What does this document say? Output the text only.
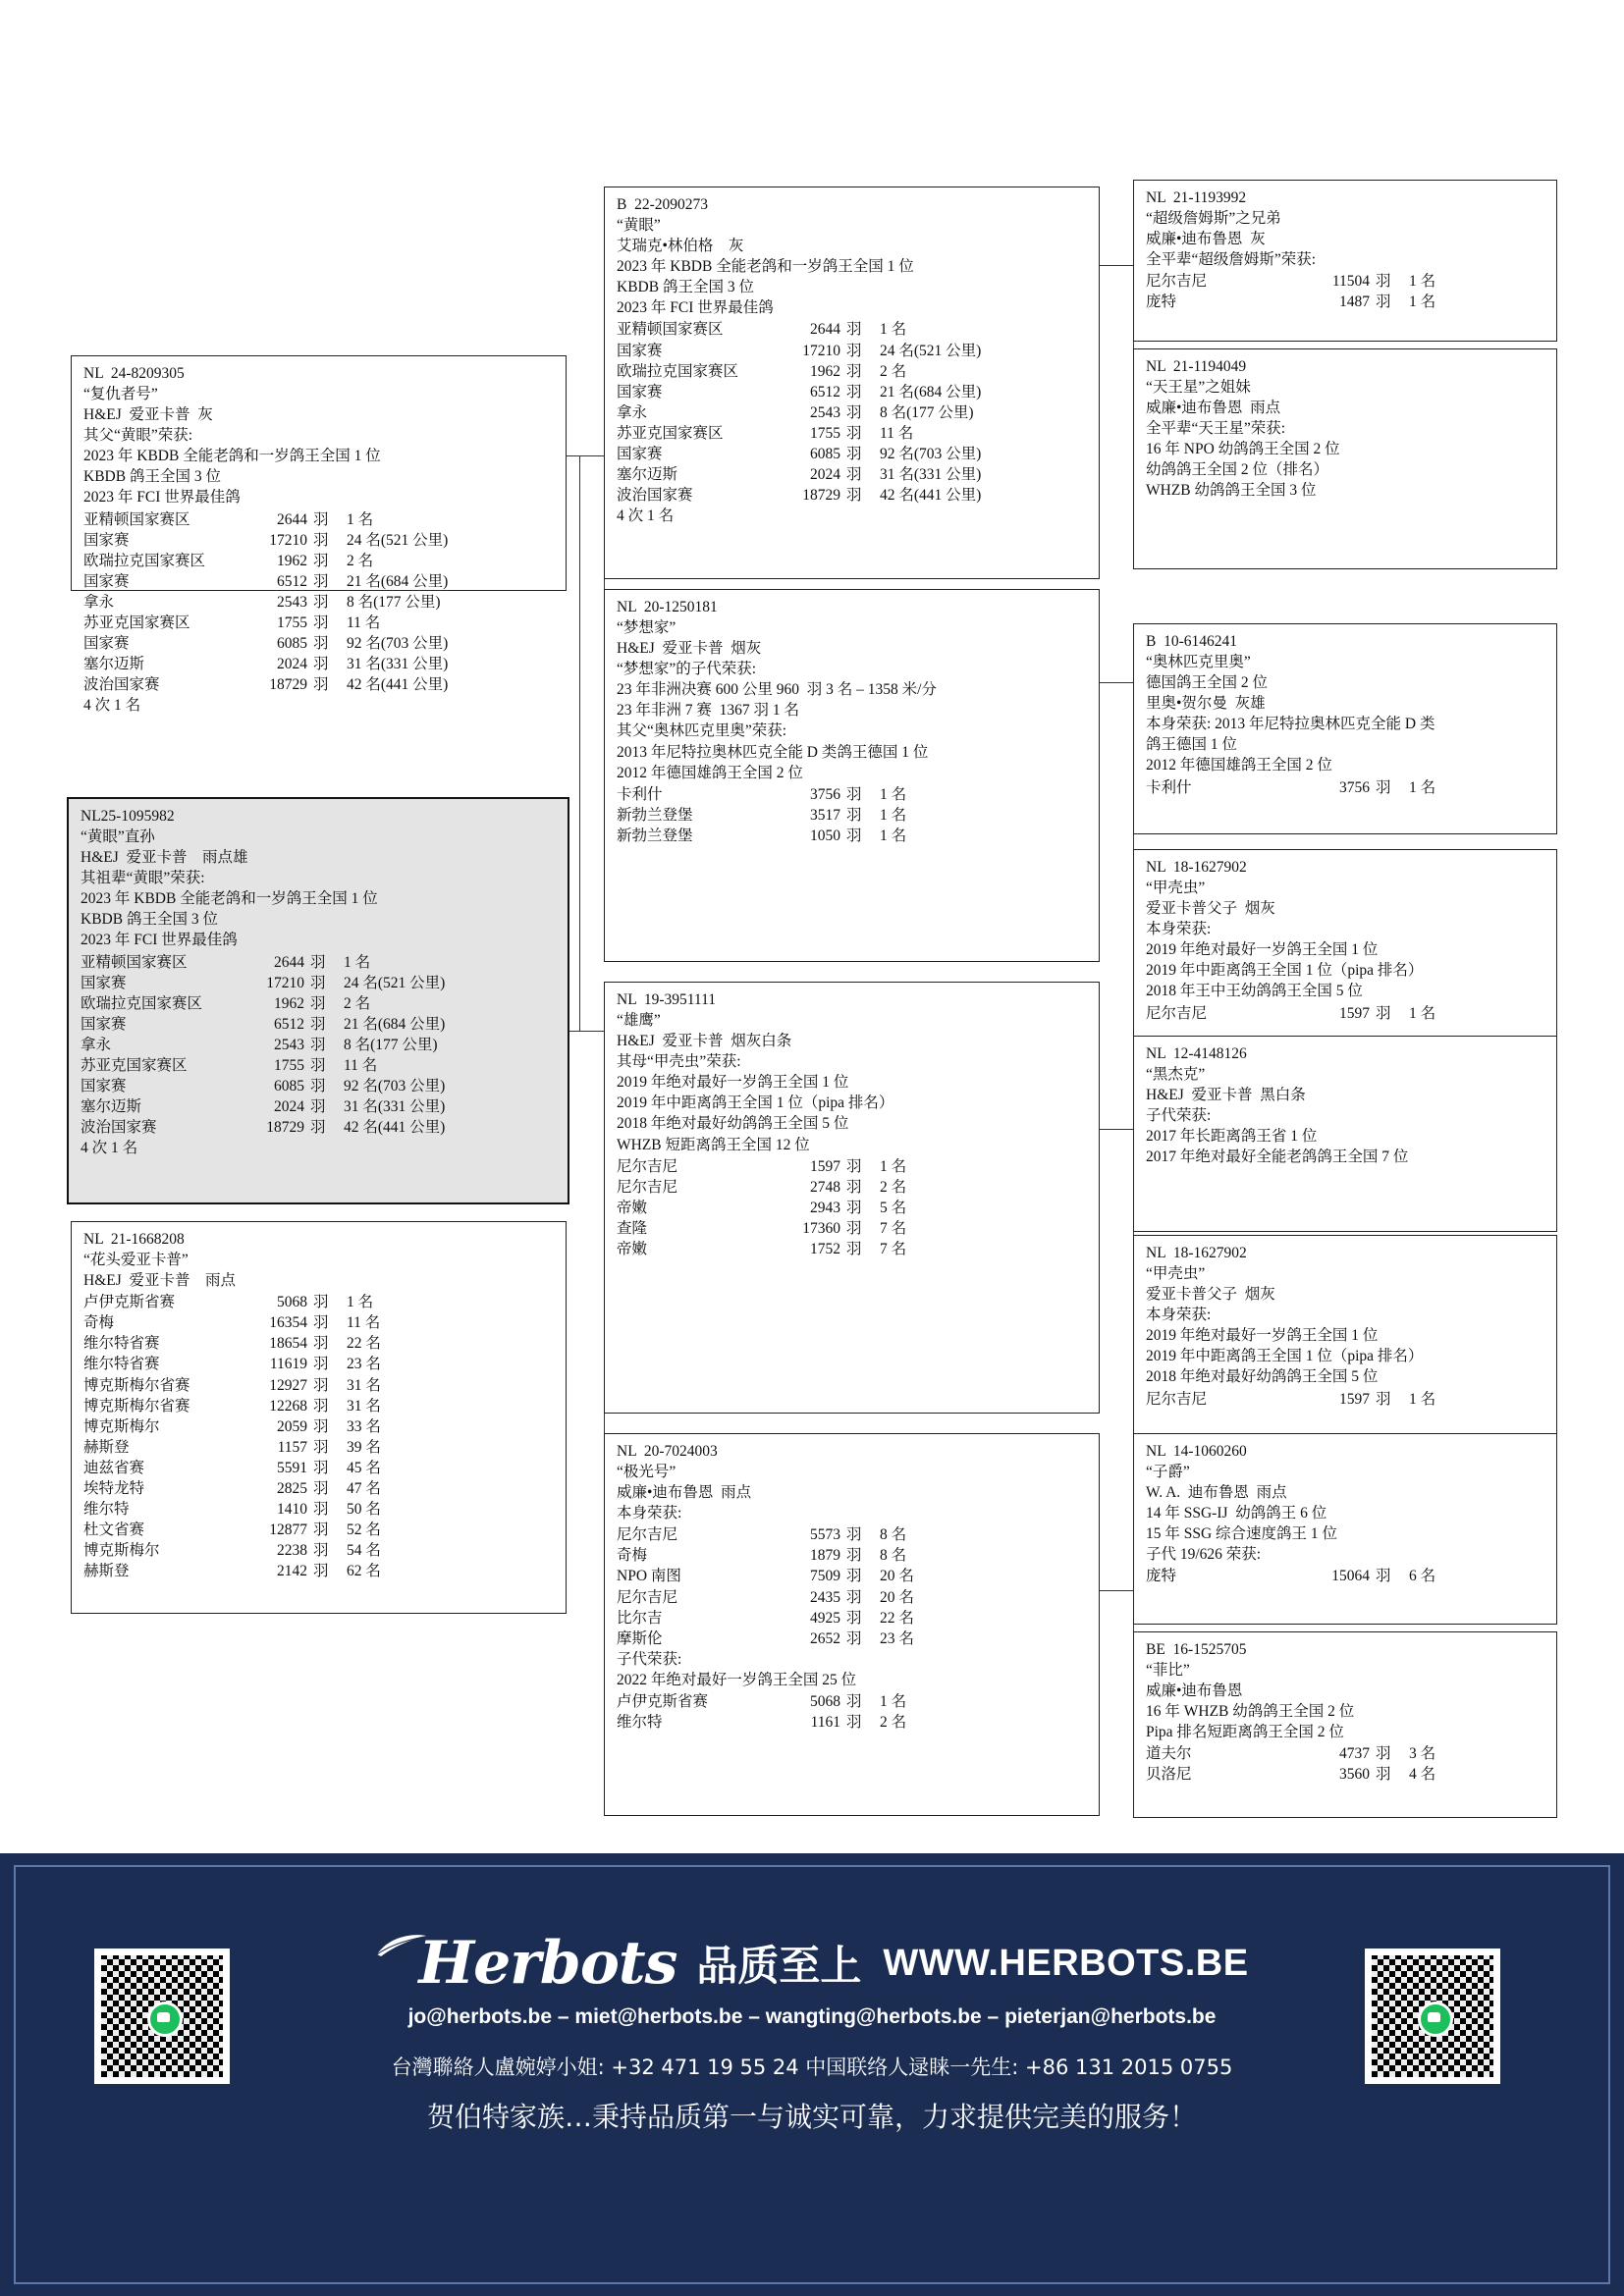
NL  24-8209305
“复仇者号”
H&EJ  爱亚卡普  灰
其父“黄眼”荣获:
2023 年 KBDB 全能老鸽和一岁鸽王全国 1 位
KBDB 鸽王全国 3 位
2023 年 FCI 世界最佳鸽
亚精顿国家赛区	2644 羽	1 名
国家赛	17210 羽	24 名(521 公里)
欧瑞拉克国家赛区	1962 羽	2 名
国家赛	6512 羽	21 名(684 公里)
拿永	2543 羽	8 名(177 公里)
苏亚克国家赛区	1755 羽	11 名
国家赛	6085 羽	92 名(703 公里)
塞尔迈斯	2024 羽	31 名(331 公里)
波治国家赛	18729 羽	42 名(441 公里)
4 次 1 名
NL25-1095982
“黄眼”直孙
H&EJ  爱亚卡普    雨点雄
其祖辈“黄眼”荣获:
2023 年 KBDB 全能老鸽和一岁鸽王全国 1 位
KBDB 鸽王全国 3 位
2023 年 FCI 世界最佳鸽
亚精顿国家赛区	2644 羽	1 名
国家赛	17210 羽	24 名(521 公里)
欧瑞拉克国家赛区	1962 羽	2 名
国家赛	6512 羽	21 名(684 公里)
拿永	2543 羽	8 名(177 公里)
苏亚克国家赛区	1755 羽	11 名
国家赛	6085 羽	92 名(703 公里)
塞尔迈斯	2024 羽	31 名(331 公里)
波治国家赛	18729 羽	42 名(441 公里)
4 次 1 名
NL  21-1668208
“花头爱亚卡普”
H&EJ  爱亚卡普    雨点
卢伊克斯省赛	5068 羽	1 名
奇梅	16354 羽	11 名
维尔特省赛	18654 羽	22 名
维尔特省赛	11619 羽	23 名
博克斯梅尔省赛	12927 羽	31 名
博克斯梅尔省赛	12268 羽	31 名
博克斯梅尔	2059 羽	33 名
赫斯登	1157 羽	39 名
迪兹省赛	5591 羽	45 名
埃特龙特	2825 羽	47 名
维尔特	1410 羽	50 名
杜文省赛	12877 羽	52 名
博克斯梅尔	2238 羽	54 名
赫斯登	2142 羽	62 名
B  22-2090273
“黄眼”
艾瑞克•林伯格    灰
2023 年 KBDB 全能老鸽和一岁鸽王全国 1 位
KBDB 鸽王全国 3 位
2023 年 FCI 世界最佳鸽
亚精顿国家赛区	2644 羽	1 名
国家赛	17210 羽	24 名(521 公里)
欧瑞拉克国家赛区	1962 羽	2 名
国家赛	6512 羽	21 名(684 公里)
拿永	2543 羽	8 名(177 公里)
苏亚克国家赛区	1755 羽	11 名
国家赛	6085 羽	92 名(703 公里)
塞尔迈斯	2024 羽	31 名(331 公里)
波治国家赛	18729 羽	42 名(441 公里)
4 次 1 名
NL  20-1250181
“梦想家”
H&EJ  爱亚卡普  烟灰
“梦想家”的子代荣获:
23 年非洲决赛 600 公里 960  羽 3 名 – 1358 米/分
23 年非洲 7 赛  1367 羽 1 名
其父“奥林匹克里奥”荣获:
2013 年尼特拉奥林匹克全能 D 类鸽王德国 1 位
2012 年德国雄鸽王全国 2 位
卡利什	3756 羽	1 名
新勃兰登堡	3517 羽	1 名
新勃兰登堡	1050 羽	1 名
NL  19-3951111
“雄鹰”
H&EJ  爱亚卡普  烟灰白条
其母“甲壳虫”荣获:
2019 年绝对最好一岁鸽王全国 1 位
2019 年中距离鸽王全国 1 位（pipa 排名）
2018 年绝对最好幼鸽鸽王全国 5 位
WHZB 短距离鸽王全国 12 位
尼尔吉尼	1597 羽	1 名
尼尔吉尼	2748 羽	2 名
帝嫩	2943 羽	5 名
查隆	17360 羽	7 名
帝嫩	1752 羽	7 名
NL  20-7024003
“极光号”
威廉•迪布鲁恩  雨点
本身荣获:
尼尔吉尼	5573 羽	8 名
奇梅	1879 羽	8 名
NPO 南图	7509 羽	20 名
尼尔吉尼	2435 羽	20 名
比尔吉	4925 羽	22 名
摩斯伦	2652 羽	23 名
子代荣获:
2022 年绝对最好一岁鸽王全国 25 位
卢伊克斯省赛	5068 羽	1 名
维尔特	1161 羽	2 名
NL  21-1193992
“超级詹姆斯”之兄弟
威廉•迪布鲁恩  灰
全平辈“超级詹姆斯”荣获:
尼尔吉尼	11504 羽	1 名
庞特	1487 羽	1 名
NL  21-1194049
“天王星”之姐妹
威廉•迪布鲁恩  雨点
全平辈“天王星”荣获:
16 年 NPO 幼鸽鸽王全国 2 位
幼鸽鸽王全国 2 位（排名）
WHZB 幼鸽鸽王全国 3 位
B  10-6146241
“奥林匹克里奥”
德国鸽王全国 2 位
里奥•贺尔曼  灰雄
本身荣获: 2013 年尼特拉奥林匹克全能 D 类
鸽王德国 1 位
2012 年德国雄鸽王全国 2 位
卡利什	3756 羽	1 名
NL  18-1627902
“甲壳虫”
爱亚卡普父子  烟灰
本身荣获:
2019 年绝对最好一岁鸽王全国 1 位
2019 年中距离鸽王全国 1 位（pipa 排名）
2018 年王中王幼鸽鸽王全国 5 位
尼尔吉尼	1597 羽	1 名
NL  12-4148126
“黑杰克”
H&EJ  爱亚卡普  黑白条
子代荣获:
2017 年长距离鸽王省 1 位
2017 年绝对最好全能老鸽鸽王全国 7 位
NL  18-1627902
“甲壳虫”
爱亚卡普父子  烟灰
本身荣获:
2019 年绝对最好一岁鸽王全国 1 位
2019 年中距离鸽王全国 1 位（pipa 排名）
2018 年绝对最好幼鸽鸽王全国 5 位
尼尔吉尼	1597 羽	1 名
NL  14-1060260
“子爵”
W. A.  迪布鲁恩  雨点
14 年 SSG-IJ  幼鸽鸽王 6 位
15 年 SSG 综合速度鸽王 1 位
子代 19/626 荣获:
庞特	15064 羽	6 名
BE  16-1525705
“菲比”
威廉•迪布鲁恩
16 年 WHZB 幼鸽鸽王全国 2 位
Pipa 排名短距离鸽王全国 2 位
道夫尔	4737 羽	3 名
贝洛尼	3560 羽	4 名
Herbots 品质至上 WWW.HERBOTS.BE
jo@herbots.be – miet@herbots.be – wangting@herbots.be – pieterjan@herbots.be
台灣聯絡人盧婉婷小姐: +32 471 19 55 24 中国联络人逯睐一先生: +86 131 2015 0755
贺伯特家族…秉持品质第一与诚实可靠，力求提供完美的服务！
